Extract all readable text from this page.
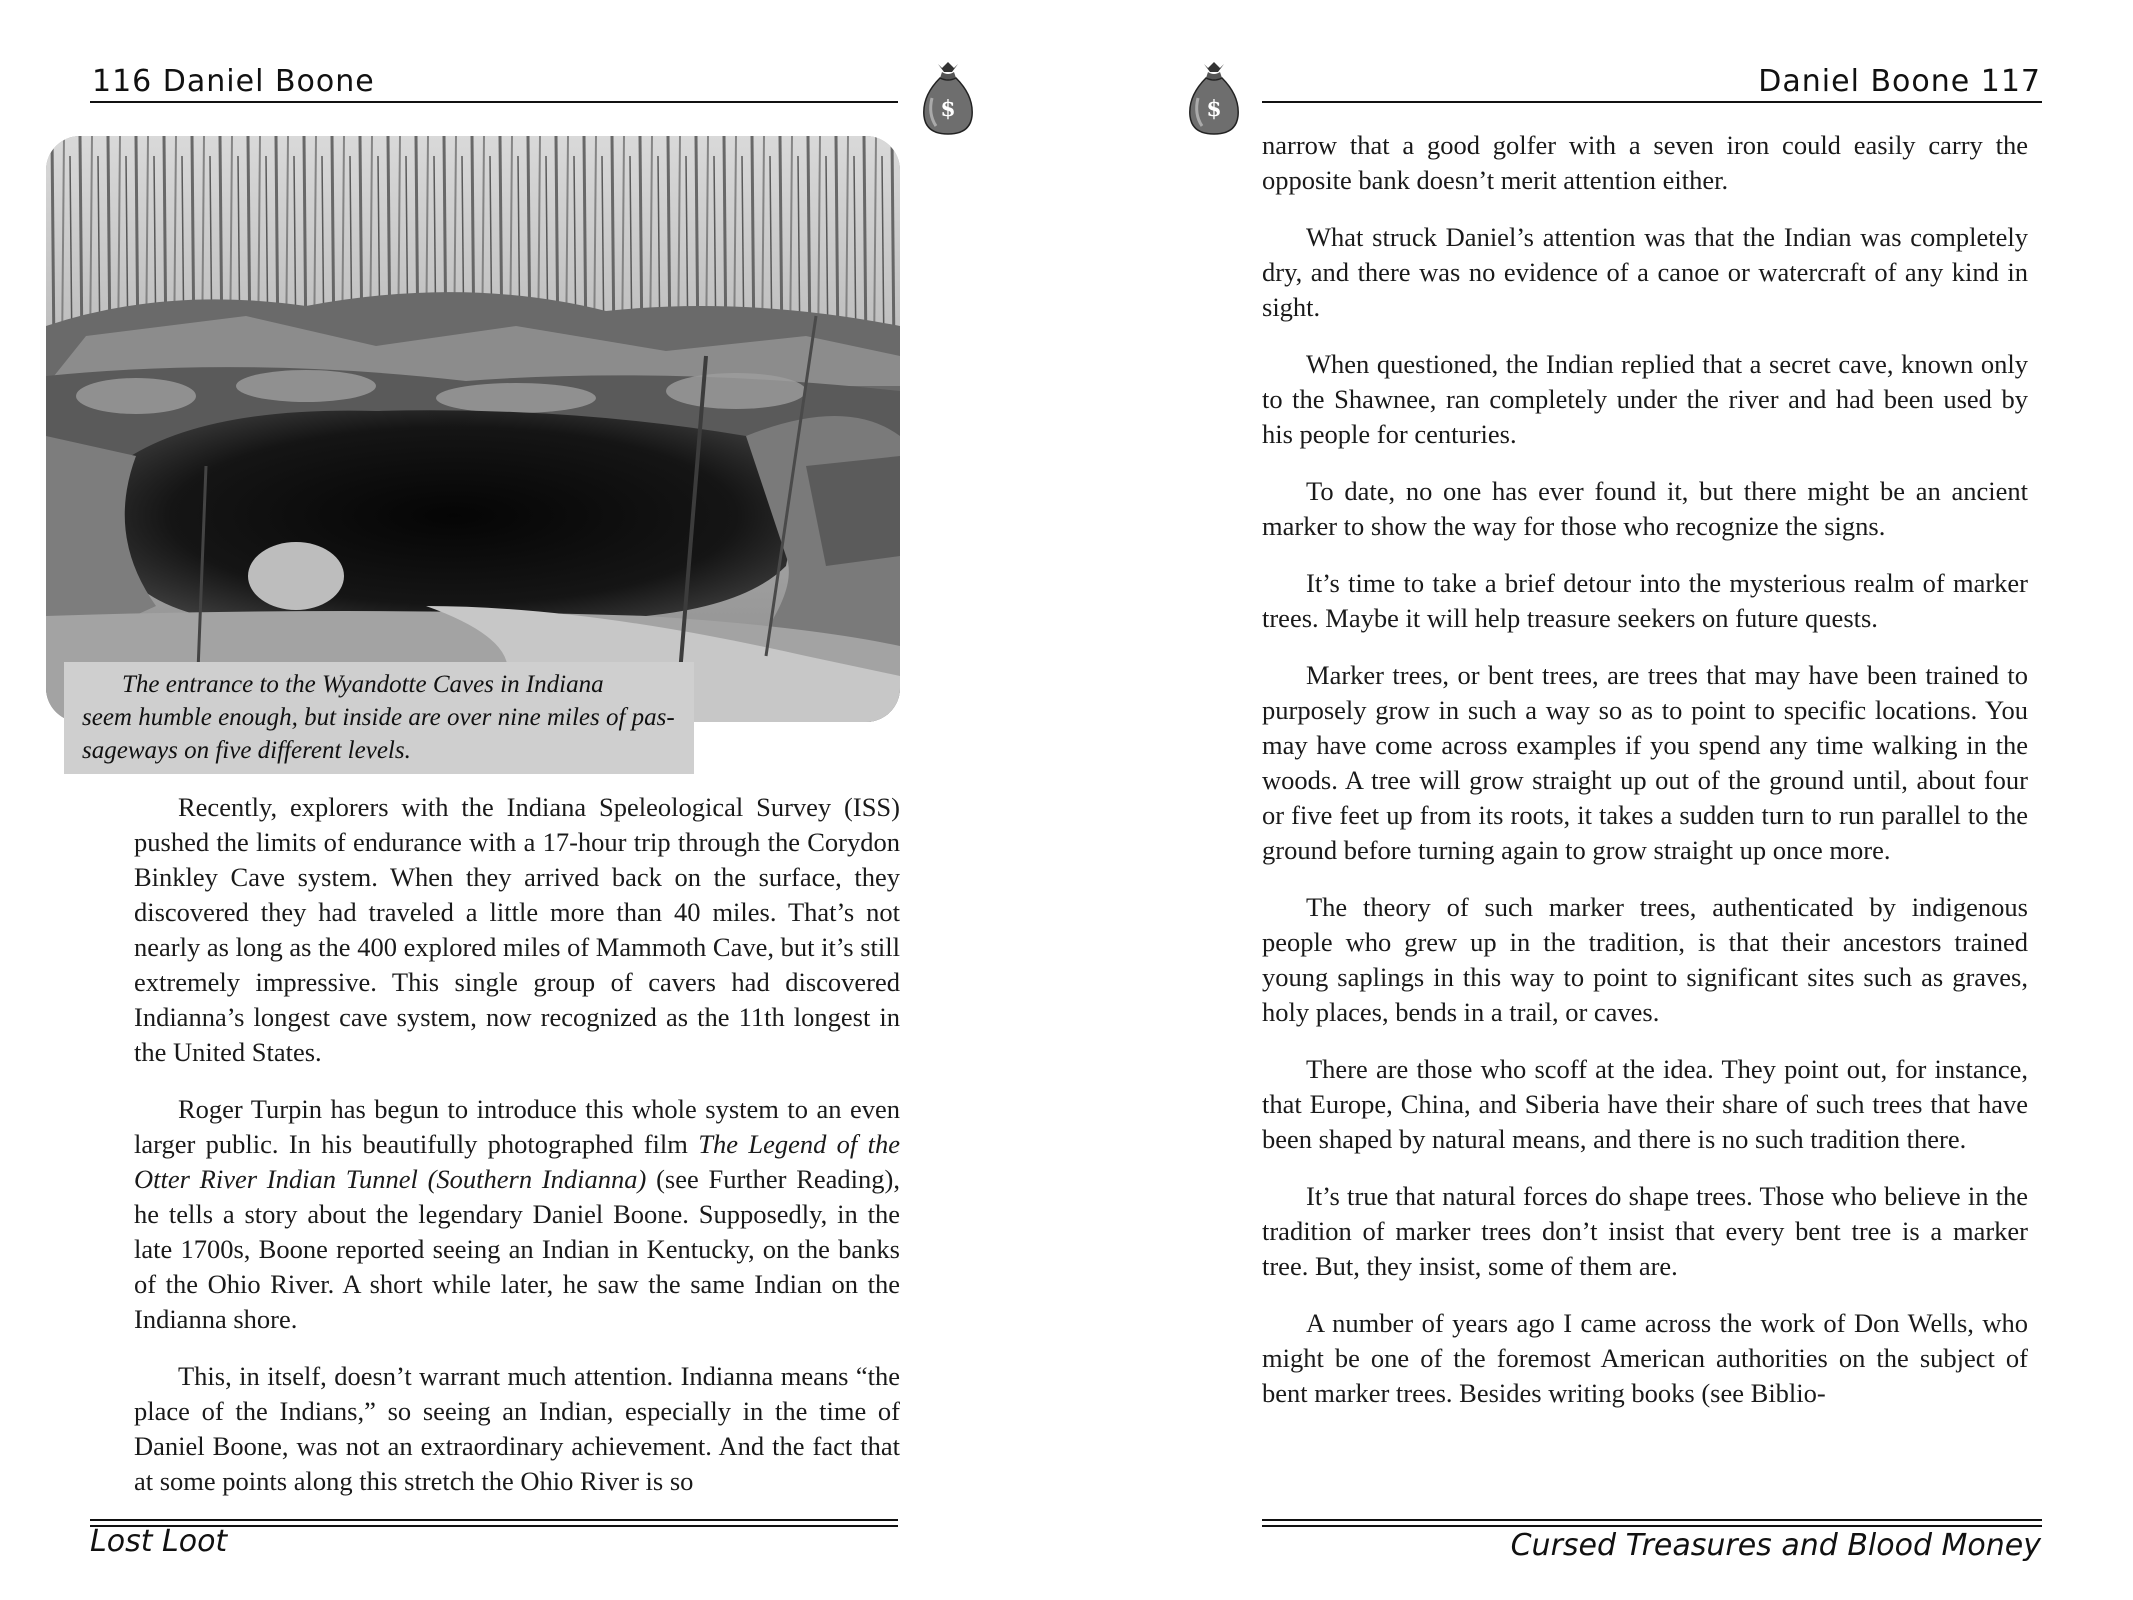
116 Daniel Boone
$
The entrance to the Wyandotte Caves in Indiana
seem humble enough, but inside are over nine miles of pas-
sageways on five different levels.

Recently, explorers with the Indiana Speleological Survey (ISS) pushed the limits of endurance with a 17-hour trip through the Corydon Binkley Cave system. When they arrived back on the surface, they discovered they had traveled a little more than 40 miles. That’s not nearly as long as the 400 explored miles of Mammoth Cave, but it’s still extremely impressive. This single group of cavers had discovered Indianna’s longest cave system, now recognized as the 11th longest in the United States.

Roger Turpin has begun to introduce this whole system to an even larger public. In his beautifully photographed film The Legend of the Otter River Indian Tunnel (Southern Indianna) (see Further Reading), he tells a story about the legendary Daniel Boone. Supposedly, in the late 1700s, Boone reported seeing an Indian in Kentucky, on the banks of the Ohio River. A short while later, he saw the same Indian on the Indianna shore.

This, in itself, doesn’t warrant much attention. Indianna means “the place of the Indians,” so seeing an Indian, especially in the time of Daniel Boone, was not an extraordinary achievement. And the fact that at some points along this stretch the Ohio River is so

Lost Loot
$
Daniel Boone 117

narrow that a good golfer with a seven iron could easily carry the opposite bank doesn’t merit attention either.

What struck Daniel’s attention was that the Indian was completely dry, and there was no evidence of a canoe or watercraft of any kind in sight.

When questioned, the Indian replied that a secret cave, known only to the Shawnee, ran completely under the river and had been used by his people for centuries.

To date, no one has ever found it, but there might be an ancient marker to show the way for those who recognize the signs.

It’s time to take a brief detour into the mysterious realm of marker trees. Maybe it will help treasure seekers on future quests.

Marker trees, or bent trees, are trees that may have been trained to purposely grow in such a way so as to point to specific locations. You may have come across examples if you spend any time walking in the woods. A tree will grow straight up out of the ground until, about four or five feet up from its roots, it takes a sudden turn to run parallel to the ground before turning again to grow straight up once more.

The theory of such marker trees, authenticated by indigenous people who grew up in the tradition, is that their ancestors trained young saplings in this way to point to significant sites such as graves, holy places, bends in a trail, or caves.

There are those who scoff at the idea. They point out, for instance, that Europe, China, and Siberia have their share of such trees that have been shaped by natural means, and there is no such tradition there.

It’s true that natural forces do shape trees. Those who believe in the tradition of marker trees don’t insist that every bent tree is a marker tree. But, they insist, some of them are.

A number of years ago I came across the work of Don Wells, who might be one of the foremost American authorities on the subject of bent marker trees. Besides writing books (see Biblio-

Cursed Treasures and Blood Money
